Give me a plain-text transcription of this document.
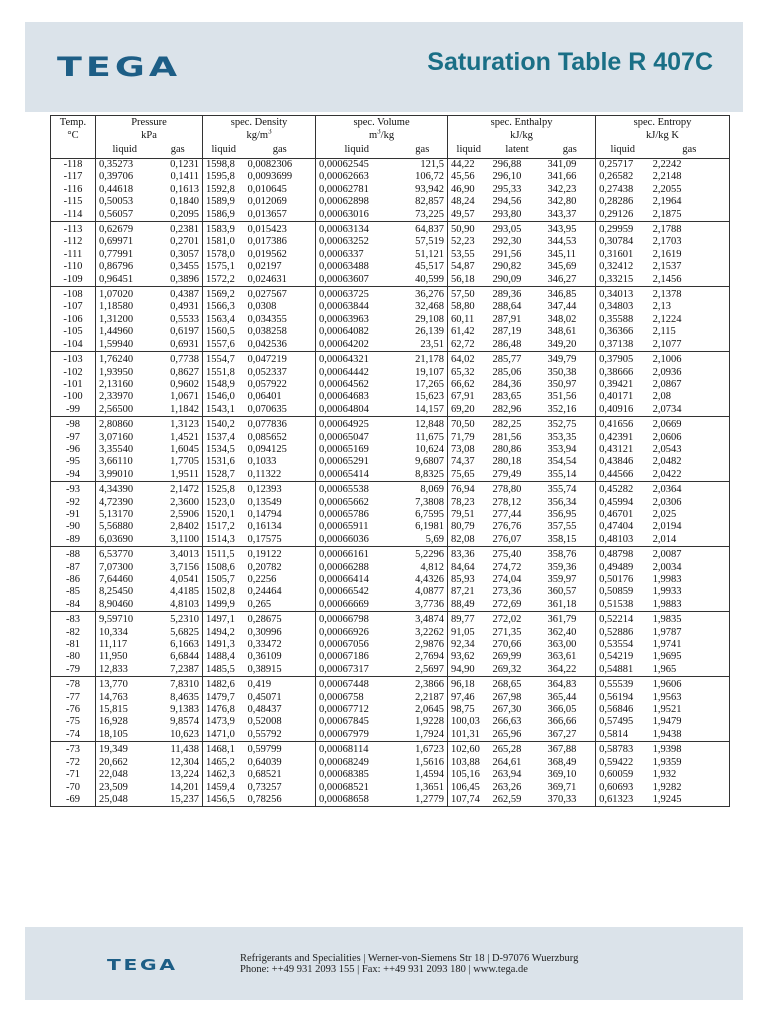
TEGA	Saturation Table R 407C
Temp.	Pressure		spec. Density		spec. Volume		spec. Enthalpy			spec. Entropy	
°C	kPa		$kg/m^3$		$m^3/kg$		kJ/kg			kJ/kg K	
	liquid	gas	liquid	gas	liquid	gas	liquid	latent	gas	liquid	gas
-118	0,35273	0,1231	1598,8	0,0082306	0,00062545	121,5	44,22	296,88	341,09	0,25717	2,2242
-117	0,39706	0,1411	1595,8	0,0093699	0,00062663	106,72	45,56	296,10	341,66	0,26582	2,2148
-116	0,44618	0,1613	1592,8	0,010645	0,00062781	93,942	46,90	295,33	342,23	0,27438	2,2055
-115	0,50053	0,1840	1589,9	0,012069	0,00062898	82,857	48,24	294,56	342,80	0,28286	2,1964
-114	0,56057	0,2095	1586,9	0,013657	0,00063016	73,225	49,57	293,80	343,37	0,29126	2,1875
-113	0,62679	0,2381	1583,9	0,015423	0,00063134	64,837	50,90	293,05	343,95	0,29959	2,1788
-112	0,69971	0,2701	1581,0	0,017386	0,00063252	57,519	52,23	292,30	344,53	0,30784	2,1703
-111	0,77991	0,3057	1578,0	0,019562	0,0006337	51,121	53,55	291,56	345,11	0,31601	2,1619
-110	0,86796	0,3455	1575,1	0,02197	0,00063488	45,517	54,87	290,82	345,69	0,32412	2,1537
-109	0,96451	0,3896	1572,2	0,024631	0,00063607	40,599	56,18	290,09	346,27	0,33215	2,1456
-108	1,07020	0,4387	1569,2	0,027567	0,00063725	36,276	57,50	289,36	346,85	0,34013	2,1378
-107	1,18580	0,4931	1566,3	0,0308	0,00063844	32,468	58,80	288,64	347,44	0,34803	2,13
-106	1,31200	0,5533	1563,4	0,034355	0,00063963	29,108	60,11	287,91	348,02	0,35588	2,1224
-105	1,44960	0,6197	1560,5	0,038258	0,00064082	26,139	61,42	287,19	348,61	0,36366	2,115
-104	1,59940	0,6931	1557,6	0,042536	0,00064202	23,51	62,72	286,48	349,20	0,37138	2,1077
-103	1,76240	0,7738	1554,7	0,047219	0,00064321	21,178	64,02	285,77	349,79	0,37905	2,1006
-102	1,93950	0,8627	1551,8	0,052337	0,00064442	19,107	65,32	285,06	350,38	0,38666	2,0936
-101	2,13160	0,9602	1548,9	0,057922	0,00064562	17,265	66,62	284,36	350,97	0,39421	2,0867
-100	2,33970	1,0671	1546,0	0,06401	0,00064683	15,623	67,91	283,65	351,56	0,40171	2,08
-99	2,56500	1,1842	1543,1	0,070635	0,00064804	14,157	69,20	282,96	352,16	0,40916	2,0734
-98	2,80860	1,3123	1540,2	0,077836	0,00064925	12,848	70,50	282,25	352,75	0,41656	2,0669
-97	3,07160	1,4521	1537,4	0,085652	0,00065047	11,675	71,79	281,56	353,35	0,42391	2,0606
-96	3,35540	1,6045	1534,5	0,094125	0,00065169	10,624	73,08	280,86	353,94	0,43121	2,0543
-95	3,66110	1,7705	1531,6	0,1033	0,00065291	9,6807	74,37	280,18	354,54	0,43846	2,0482
-94	3,99010	1,9511	1528,7	0,11322	0,00065414	8,8325	75,65	279,49	355,14	0,44566	2,0422
-93	4,34390	2,1472	1525,8	0,12393	0,00065538	8,069	76,94	278,80	355,74	0,45282	2,0364
-92	4,72390	2,3600	1523,0	0,13549	0,00065662	7,3808	78,23	278,12	356,34	0,45994	2,0306
-91	5,13170	2,5906	1520,1	0,14794	0,00065786	6,7595	79,51	277,44	356,95	0,46701	2,025
-90	5,56880	2,8402	1517,2	0,16134	0,00065911	6,1981	80,79	276,76	357,55	0,47404	2,0194
-89	6,03690	3,1100	1514,3	0,17575	0,00066036	5,69	82,08	276,07	358,15	0,48103	2,014
-88	6,53770	3,4013	1511,5	0,19122	0,00066161	5,2296	83,36	275,40	358,76	0,48798	2,0087
-87	7,07300	3,7156	1508,6	0,20782	0,00066288	4,812	84,64	274,72	359,36	0,49489	2,0034
-86	7,64460	4,0541	1505,7	0,2256	0,00066414	4,4326	85,93	274,04	359,97	0,50176	1,9983
-85	8,25450	4,4185	1502,8	0,24464	0,00066542	4,0877	87,21	273,36	360,57	0,50859	1,9933
-84	8,90460	4,8103	1499,9	0,265	0,00066669	3,7736	88,49	272,69	361,18	0,51538	1,9883
-83	9,59710	5,2310	1497,1	0,28675	0,00066798	3,4874	89,77	272,02	361,79	0,52214	1,9835
-82	10,334	5,6825	1494,2	0,30996	0,00066926	3,2262	91,05	271,35	362,40	0,52886	1,9787
-81	11,117	6,1663	1491,3	0,33472	0,00067056	2,9876	92,34	270,66	363,00	0,53554	1,9741
-80	11,950	6,6844	1488,4	0,36109	0,00067186	2,7694	93,62	269,99	363,61	0,54219	1,9695
-79	12,833	7,2387	1485,5	0,38915	0,00067317	2,5697	94,90	269,32	364,22	0,54881	1,965
-78	13,770	7,8310	1482,6	0,419	0,00067448	2,3866	96,18	268,65	364,83	0,55539	1,9606
-77	14,763	8,4635	1479,7	0,45071	0,0006758	2,2187	97,46	267,98	365,44	0,56194	1,9563
-76	15,815	9,1383	1476,8	0,48437	0,00067712	2,0645	98,75	267,30	366,05	0,56846	1,9521
-75	16,928	9,8574	1473,9	0,52008	0,00067845	1,9228	100,03	266,63	366,66	0,57495	1,9479
-74	18,105	10,623	1471,0	0,55792	0,00067979	1,7924	101,31	265,96	367,27	0,5814	1,9438
-73	19,349	11,438	1468,1	0,59799	0,00068114	1,6723	102,60	265,28	367,88	0,58783	1,9398
-72	20,662	12,304	1465,2	0,64039	0,00068249	1,5616	103,88	264,61	368,49	0,59422	1,9359
-71	22,048	13,224	1462,3	0,68521	0,00068385	1,4594	105,16	263,94	369,10	0,60059	1,932
-70	23,509	14,201	1459,4	0,73257	0,00068521	1,3651	106,45	263,26	369,71	0,60693	1,9282
-69	25,048	15,237	1456,5	0,78256	0,00068658	1,2779	107,74	262,59	370,33	0,61323	1,9245
TEGA	Refrigerants and Specialities | Werner-von-Siemens Str 18 | D-97076 Wuerzburg
Phone: ++49 931 2093 155 | Fax: ++49 931 2093 180 | www.tega.de
